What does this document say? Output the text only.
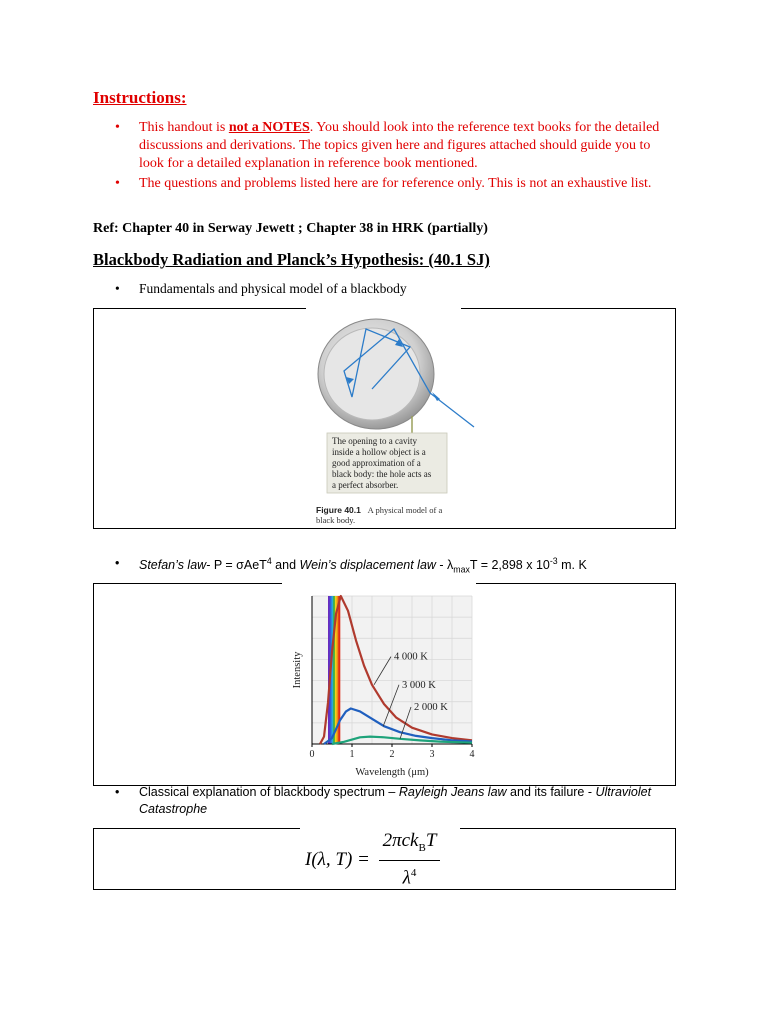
Instructions:
• This handout is not a NOTES. You should look into the reference text books for the detailed discussions and derivations. The topics given here and figures attached should guide you to look for a detailed explanation in reference book mentioned.
• The questions and problems listed here are for reference only. This is not an exhaustive list.
Ref: Chapter 40 in Serway Jewett ; Chapter 38 in HRK (partially)
Blackbody Radiation and Planck’s Hypothesis: (40.1 SJ)
• Fundamentals and physical model of a blackbody
The opening to a cavity
inside a hollow object is a
good approximation of a
black body: the hole acts as
a perfect absorber.
Figure 40.1 A physical model of a
black body.
• Stefan’s law- P = σAeT$^4$ and Wein’s displacement law - $\lambda_{max}T = 2,898$ x $10^{-3}$ m. K
0	1	2	3	4
Wavelength (μm)
Intensity	4 000 K
3 000 K
2 000 K
• Classical explanation of blackbody spectrum – Rayleigh Jeans law and its failure - Ultraviolet Catastrophe
I(λ, T) =
2πck$_B$T
$\lambda^4$
